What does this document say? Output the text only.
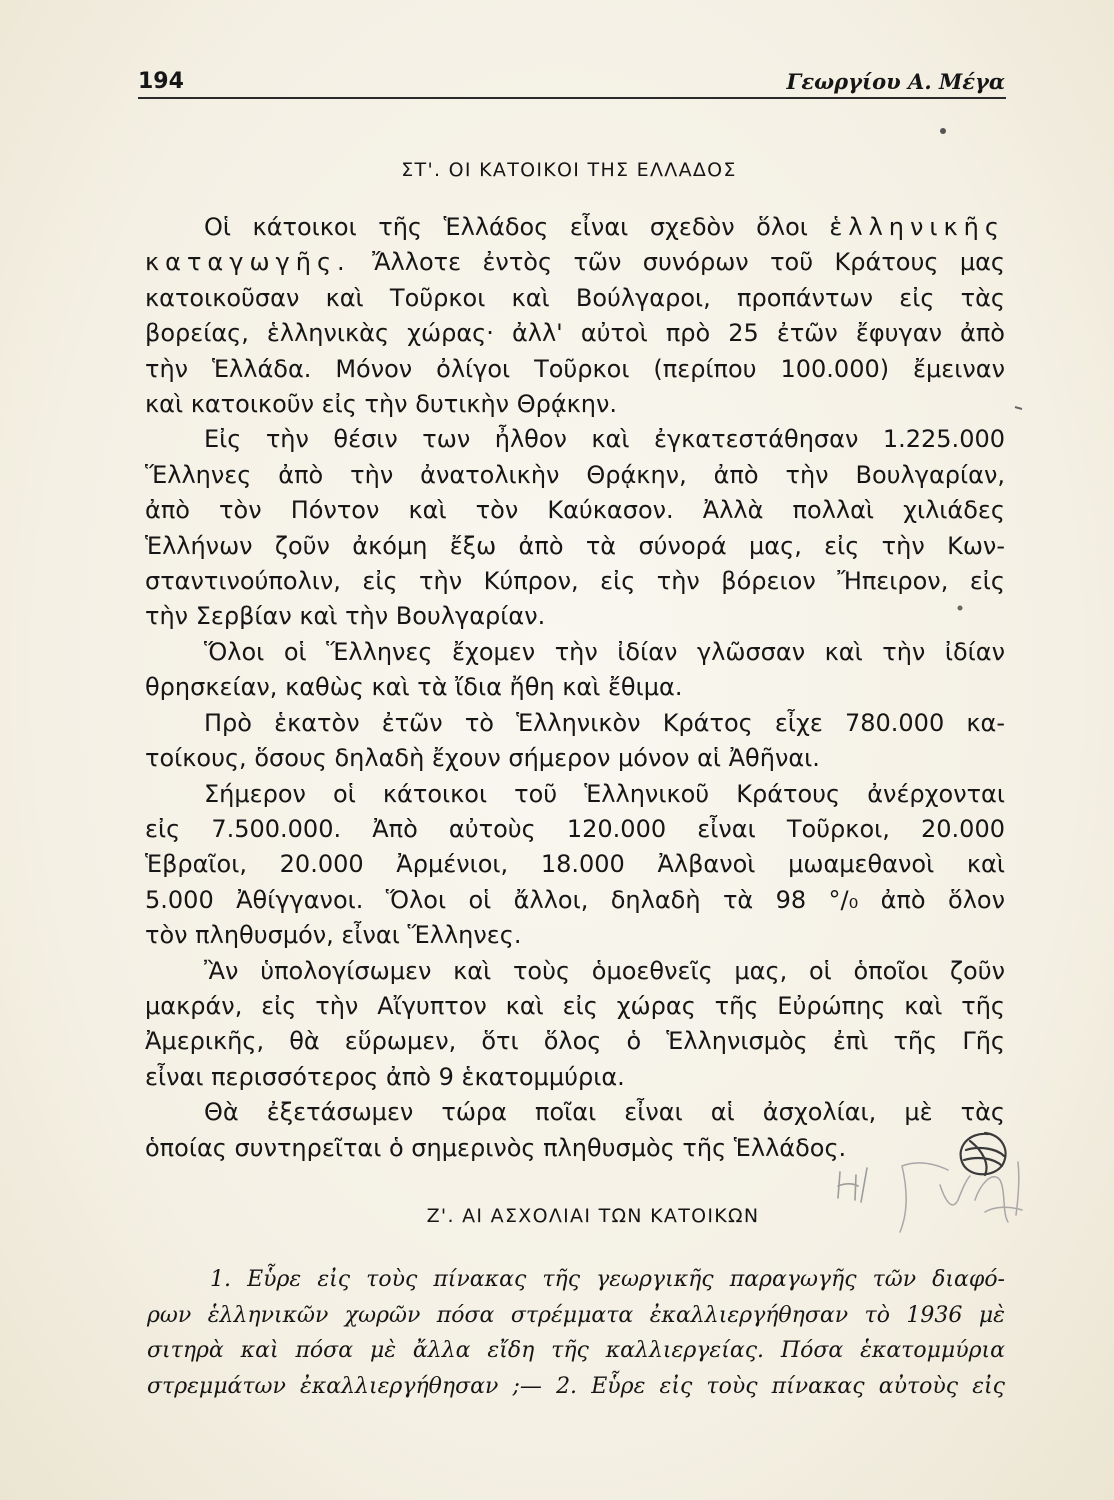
194	Γεωργίου Α. Μέγα
ΣΤ'. ΟΙ ΚΑΤΟΙΚΟΙ ΤΗΣ ΕΛΛΑΔΟΣ
Οἱ κάτοικοι τῆς Ἑλλάδος εἶναι σχεδὸν ὅλοι ἑλληνικῆς
καταγωγῆς. Ἄλλοτε ἐντὸς τῶν συνόρων τοῦ Κράτους μας
κατοικοῦσαν καὶ Τοῦρκοι καὶ Βούλγαροι, προπάντων εἰς τὰς
βορείας, ἑλληνικὰς χώρας· ἀλλ' αὐτοὶ πρὸ 25 ἐτῶν ἔφυγαν ἀπὸ
τὴν Ἑλλάδα. Μόνον ὀλίγοι Τοῦρκοι (περίπου 100.000) ἔμειναν
καὶ κατοικοῦν εἰς τὴν δυτικὴν Θρᾴκην.
Εἰς τὴν θέσιν των ἦλθον καὶ ἐγκατεστάθησαν 1.225.000
Ἕλληνες ἀπὸ τὴν ἀνατολικὴν Θρᾴκην, ἀπὸ τὴν Βουλγαρίαν,
ἀπὸ τὸν Πόντον καὶ τὸν Καύκασον. Ἀλλὰ πολλαὶ χιλιάδες
Ἑλλήνων ζοῦν ἀκόμη ἔξω ἀπὸ τὰ σύνορά μας, εἰς τὴν Κων-
σταντινούπολιν, εἰς τὴν Κύπρον, εἰς τὴν βόρειον Ἤπειρον, εἰς
τὴν Σερβίαν καὶ τὴν Βουλγαρίαν.
Ὅλοι οἱ Ἕλληνες ἔχομεν τὴν ἰδίαν γλῶσσαν καὶ τὴν ἰδίαν
θρησκείαν, καθὼς καὶ τὰ ἴδια ἤθη καὶ ἔθιμα.
Πρὸ ἑκατὸν ἐτῶν τὸ Ἑλληνικὸν Κράτος εἶχε 780.000 κα-
τοίκους, ὅσους δηλαδὴ ἔχουν σήμερον μόνον αἱ Ἀθῆναι.
Σήμερον οἱ κάτοικοι τοῦ Ἑλληνικοῦ Κράτους ἀνέρχονται
εἰς 7.500.000. Ἀπὸ αὐτοὺς 120.000 εἶναι Τοῦρκοι, 20.000
Ἑβραῖοι, 20.000 Ἀρμένιοι, 18.000 Ἀλβανοὶ μωαμεθανοὶ καὶ
5.000 Ἀθίγγανοι. Ὅλοι οἱ ἄλλοι, δηλαδὴ τὰ 98 °/₀ ἀπὸ ὅλον
τὸν πληθυσμόν, εἶναι Ἕλληνες.
Ἂν ὑπολογίσωμεν καὶ τοὺς ὁμοεθνεῖς μας, οἱ ὁποῖοι ζοῦν
μακράν, εἰς τὴν Αἴγυπτον καὶ εἰς χώρας τῆς Εὐρώπης καὶ τῆς
Ἀμερικῆς, θὰ εὕρωμεν, ὅτι ὅλος ὁ Ἑλληνισμὸς ἐπὶ τῆς Γῆς
εἶναι περισσότερος ἀπὸ 9 ἑκατομμύρια.
Θὰ ἐξετάσωμεν τώρα ποῖαι εἶναι αἱ ἀσχολίαι, μὲ τὰς
ὁποίας συντηρεῖται ὁ σημερινὸς πληθυσμὸς τῆς Ἑλλάδος.
Ζ'. ΑΙ ΑΣΧΟΛΙΑΙ ΤΩΝ ΚΑΤΟΙΚΩΝ
1. Εὗρε εἰς τοὺς πίνακας τῆς γεωργικῆς παραγωγῆς τῶν διαφό-
ρων ἑλληνικῶν χωρῶν πόσα στρέμματα ἐκαλλιεργήθησαν τὸ 1936 μὲ
σιτηρὰ καὶ πόσα μὲ ἄλλα εἴδη τῆς καλλιεργείας. Πόσα ἑκατομμύρια
στρεμμάτων ἐκαλλιεργήθησαν ;— 2. Εὗρε εἰς τοὺς πίνακας αὐτοὺς εἰς
